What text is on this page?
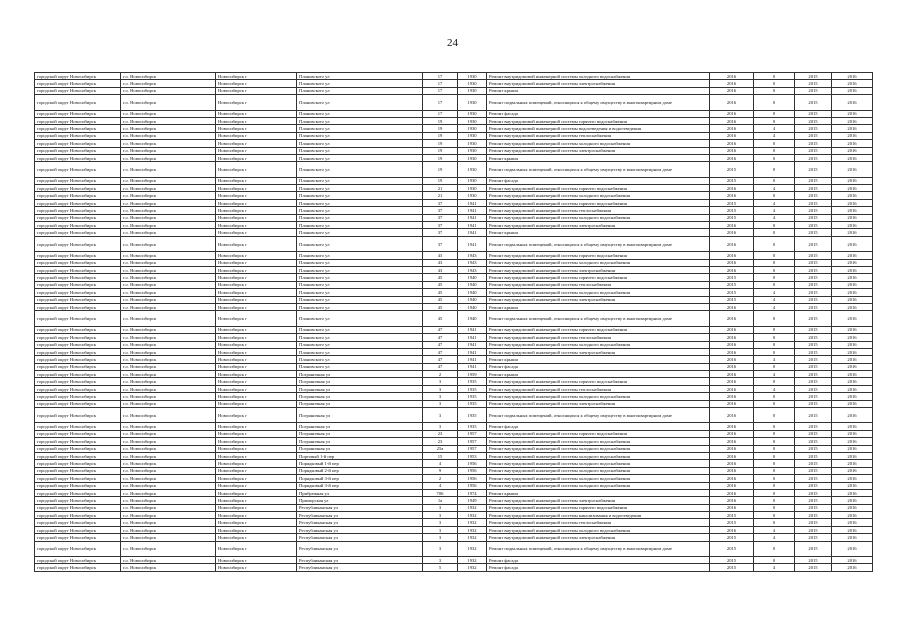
24
городской округ Новосибирск	г.о. Новосибирск	Новосибирск г	Плановского ул	17	1930	Ремонт внутридомовой инженерной системы холодного водоснабжения	2016	0	2015	2016
городской округ Новосибирск	г.о. Новосибирск	Новосибирск г	Плановского ул	17	1930	Ремонт внутридомовой инженерной системы электроснабжения	2016	0	2015	2016
городской округ Новосибирск	г.о. Новосибирск	Новосибирск г	Плановского ул	17	1930	Ремонт крыши	2016	0	2015	2016
городской округ Новосибирск	г.о. Новосибирск	Новосибирск г	Плановского ул	17	1930	Ремонт подвальных помещений, относящихся к общему имуществу в многоквартирном доме	2016	0	2015	2016
городской округ Новосибирск	г.о. Новосибирск	Новосибирск г	Плановского ул	17	1930	Ремонт фасада	2016	0	2015	2016
городской округ Новосибирск	г.о. Новосибирск	Новосибирск г	Плановского ул	19	1930	Ремонт внутридомовой инженерной системы горячего водоснабжения	2016	0	2015	2016
городской округ Новосибирск	г.о. Новосибирск	Новосибирск г	Плановского ул	19	1930	Ремонт внутридомовой инженерной системы водоотведения и водоотведения	2016	4	2015	2016
городской округ Новосибирск	г.о. Новосибирск	Новосибирск г	Плановского ул	19	1930	Ремонт внутридомовой инженерной системы теплоснабжения	2016	4	2015	2016
городской округ Новосибирск	г.о. Новосибирск	Новосибирск г	Плановского ул	19	1930	Ремонт внутридомовой инженерной системы холодного водоснабжения	2016	0	2015	2016
городской округ Новосибирск	г.о. Новосибирск	Новосибирск г	Плановского ул	19	1930	Ремонт внутридомовой инженерной системы электроснабжения	2016	0	2015	2016
городской округ Новосибирск	г.о. Новосибирск	Новосибирск г	Плановского ул	19	1930	Ремонт крыши	2016	0	2015	2016
городской округ Новосибирск	г.о. Новосибирск	Новосибирск г	Плановского ул	19	1930	Ремонт подвальных помещений, относящихся к общему имуществу в многоквартирном доме	2015	0	2015	2016
городской округ Новосибирск	г.о. Новосибирск	Новосибирск г	Плановского ул	19	1930	Ремонт фасада	2015	0	2015	2016
городской округ Новосибирск	г.о. Новосибирск	Новосибирск г	Плановского ул	21	1930	Ремонт внутридомовой инженерной системы горячего водоснабжения	2016	4	2015	2016
городской округ Новосибирск	г.о. Новосибирск	Новосибирск г	Плановского ул	21	1930	Ремонт внутридомовой инженерной системы холодного водоснабжения	2016	0	2015	2016
городской округ Новосибирск	г.о. Новосибирск	Новосибирск г	Плановского ул	37	1941	Ремонт внутридомовой инженерной системы горячего водоснабжения	2015	4	2015	2016
городской округ Новосибирск	г.о. Новосибирск	Новосибирск г	Плановского ул	37	1941	Ремонт внутридомовой инженерной системы теплоснабжения	2015	4	2015	2016
городской округ Новосибирск	г.о. Новосибирск	Новосибирск г	Плановского ул	37	1941	Ремонт внутридомовой инженерной системы холодного водоснабжения	2015	4	2015	2016
городской округ Новосибирск	г.о. Новосибирск	Новосибирск г	Плановского ул	37	1941	Ремонт внутридомовой инженерной системы электроснабжения	2016	0	2015	2016
городской округ Новосибирск	г.о. Новосибирск	Новосибирск г	Плановского ул	37	1941	Ремонт крыши	2016	0	2015	2016
городской округ Новосибирск	г.о. Новосибирск	Новосибирск г	Плановского ул	37	1941	Ремонт подвальных помещений, относящихся к общему имуществу в многоквартирном доме	2016	0	2015	2016
городской округ Новосибирск	г.о. Новосибирск	Новосибирск г	Плановского ул	43	1943	Ремонт внутридомовой инженерной системы горячего водоснабжения	2016	0	2015	2016
городской округ Новосибирск	г.о. Новосибирск	Новосибирск г	Плановского ул	43	1943	Ремонт внутридомовой инженерной системы холодного водоснабжения	2016	0	2015	2016
городской округ Новосибирск	г.о. Новосибирск	Новосибирск г	Плановского ул	43	1943	Ремонт внутридомовой инженерной системы электроснабжения	2016	0	2015	2016
городской округ Новосибирск	г.о. Новосибирск	Новосибирск г	Плановского ул	45	1940	Ремонт внутридомовой инженерной системы горячего водоснабжения	2015	0	2015	2016
городской округ Новосибирск	г.о. Новосибирск	Новосибирск г	Плановского ул	45	1940	Ремонт внутридомовой инженерной системы теплоснабжения	2015	0	2015	2016
городской округ Новосибирск	г.о. Новосибирск	Новосибирск г	Плановского ул	45	1940	Ремонт внутридомовой инженерной системы холодного водоснабжения	2015	4	2015	2016
городской округ Новосибирск	г.о. Новосибирск	Новосибирск г	Плановского ул	45	1940	Ремонт внутридомовой инженерной системы электроснабжения	2015	4	2015	2016
городской округ Новосибирск	г.о. Новосибирск	Новосибирск г	Плановского ул	45	1940	Ремонт крыши	2016	4	2015	2016
городской округ Новосибирск	г.о. Новосибирск	Новосибирск г	Плановского ул	45	1940	Ремонт подвальных помещений, относящихся к общему имуществу в многоквартирном доме	2016	0	2015	2016
городской округ Новосибирск	г.о. Новосибирск	Новосибирск г	Плановского ул	47	1941	Ремонт внутридомовой инженерной системы горячего водоснабжения	2016	0	2015	2016
городской округ Новосибирск	г.о. Новосибирск	Новосибирск г	Плановского ул	47	1941	Ремонт внутридомовой инженерной системы теплоснабжения	2016	0	2015	2016
городской округ Новосибирск	г.о. Новосибирск	Новосибирск г	Плановского ул	47	1941	Ремонт внутридомовой инженерной системы холодного водоснабжения	2016	0	2015	2016
городской округ Новосибирск	г.о. Новосибирск	Новосибирск г	Плановского ул	47	1941	Ремонт внутридомовой инженерной системы электроснабжения	2016	0	2015	2016
городской округ Новосибирск	г.о. Новосибирск	Новосибирск г	Плановского ул	47	1941	Ремонт крыши	2016	4	2015	2016
городской округ Новосибирск	г.о. Новосибирск	Новосибирск г	Плановского ул	47	1941	Ремонт фасада	2016	0	2015	2016
городской округ Новосибирск	г.о. Новосибирск	Новосибирск г	Пограничная ул	2	1959	Ремонт крыши	2016	4	2015	2016
городской округ Новосибирск	г.о. Новосибирск	Новосибирск г	Пограничная ул	3	1935	Ремонт внутридомовой инженерной системы горячего водоснабжения	2016	0	2015	2016
городской округ Новосибирск	г.о. Новосибирск	Новосибирск г	Пограничная ул	3	1935	Ремонт внутридомовой инженерной системы теплоснабжения	2016	4	2015	2016
городской округ Новосибирск	г.о. Новосибирск	Новосибирск г	Пограничная ул	3	1935	Ремонт внутридомовой инженерной системы холодного водоснабжения	2016	0	2015	2016
городской округ Новосибирск	г.о. Новосибирск	Новосибирск г	Пограничная ул	3	1935	Ремонт внутридомовой инженерной системы электроснабжения	2016	0	2015	2016
городской округ Новосибирск	г.о. Новосибирск	Новосибирск г	Пограничная ул	3	1935	Ремонт подвальных помещений, относящихся к общему имуществу в многоквартирном доме	2016	0	2015	2016
городской округ Новосибирск	г.о. Новосибирск	Новосибирск г	Пограничная ул	3	1935	Ремонт фасада	2016	0	2015	2016
городской округ Новосибирск	г.о. Новосибирск	Новосибирск г	Пограничная ул	23	1957	Ремонт внутридомовой инженерной системы горячего водоснабжения	2016	0	2015	2016
городской округ Новосибирск	г.о. Новосибирск	Новосибирск г	Пограничная ул	23	1957	Ремонт внутридомовой инженерной системы холодного водоснабжения	2016	0	2015	2016
городской округ Новосибирск	г.о. Новосибирск	Новосибирск г	Пограничная ул	25а	1957	Ремонт внутридомовой инженерной системы холодного водоснабжения	2016	0	2015	2016
городской округ Новосибирск	г.о. Новосибирск	Новосибирск г	Портовый 1-й пер	15	1953	Ремонт внутридомовой инженерной системы холодного водоснабжения	2016	0	2015	2016
городской округ Новосибирск	г.о. Новосибирск	Новосибирск г	Порядковый 1-й пер	4	1956	Ремонт внутридомовой инженерной системы холодного водоснабжения	2016	0	2015	2016
городской округ Новосибирск	г.о. Новосибирск	Новосибирск г	Порядковый 2-й пер	9	1956	Ремонт внутридомовой инженерной системы холодного водоснабжения	2016	0	2015	2016
городской округ Новосибирск	г.о. Новосибирск	Новосибирск г	Порядковый 3-й пер	2	1956	Ремонт внутридомовой инженерной системы холодного водоснабжения	2016	0	2015	2016
городской округ Новосибирск	г.о. Новосибирск	Новосибирск г	Порядковый 3-й пер	4	1956	Ремонт внутридомовой инженерной системы холодного водоснабжения	2016	0	2015	2016
городской округ Новосибирск	г.о. Новосибирск	Новосибирск г	Прибрежная ул	706	1974	Ремонт крыши	2016	0	2015	2016
городской округ Новосибирск	г.о. Новосибирск	Новосибирск г	Приморская ул	1а	1949	Ремонт внутридомовой инженерной системы электроснабжения	2016	0	2015	2016
городской округ Новосибирск	г.о. Новосибирск	Новосибирск г	Республиканская ул	3	1932	Ремонт внутридомовой инженерной системы горячего водоснабжения	2016	0	2015	2016
городской округ Новосибирск	г.о. Новосибирск	Новосибирск г	Республиканская ул	3	1932	Ремонт внутридомовой инженерной системы канализования и водоотведения	2015	0	2015	2016
городской округ Новосибирск	г.о. Новосибирск	Новосибирск г	Республиканская ул	3	1932	Ремонт внутридомовой инженерной системы теплоснабжения	2015	0	2015	2016
городской округ Новосибирск	г.о. Новосибирск	Новосибирск г	Республиканская ул	3	1932	Ремонт внутридомовой инженерной системы холодного водоснабжения	2016	4	2015	2016
городской округ Новосибирск	г.о. Новосибирск	Новосибирск г	Республиканская ул	3	1932	Ремонт внутридомовой инженерной системы электроснабжения	2015	4	2015	2016
городской округ Новосибирск	г.о. Новосибирск	Новосибирск г	Республиканская ул	3	1932	Ремонт подвальных помещений, относящихся к общему имуществу в многоквартирном доме	2015	0	2015	2016
городской округ Новосибирск	г.о. Новосибирск	Новосибирск г	Республиканская ул	3	1932	Ремонт фасада	2015	0	2015	2016
городской округ Новосибирск	г.о. Новосибирск	Новосибирск г	Республиканская ул	5	1932	Ремонт фасада	2015	4	2015	2016
